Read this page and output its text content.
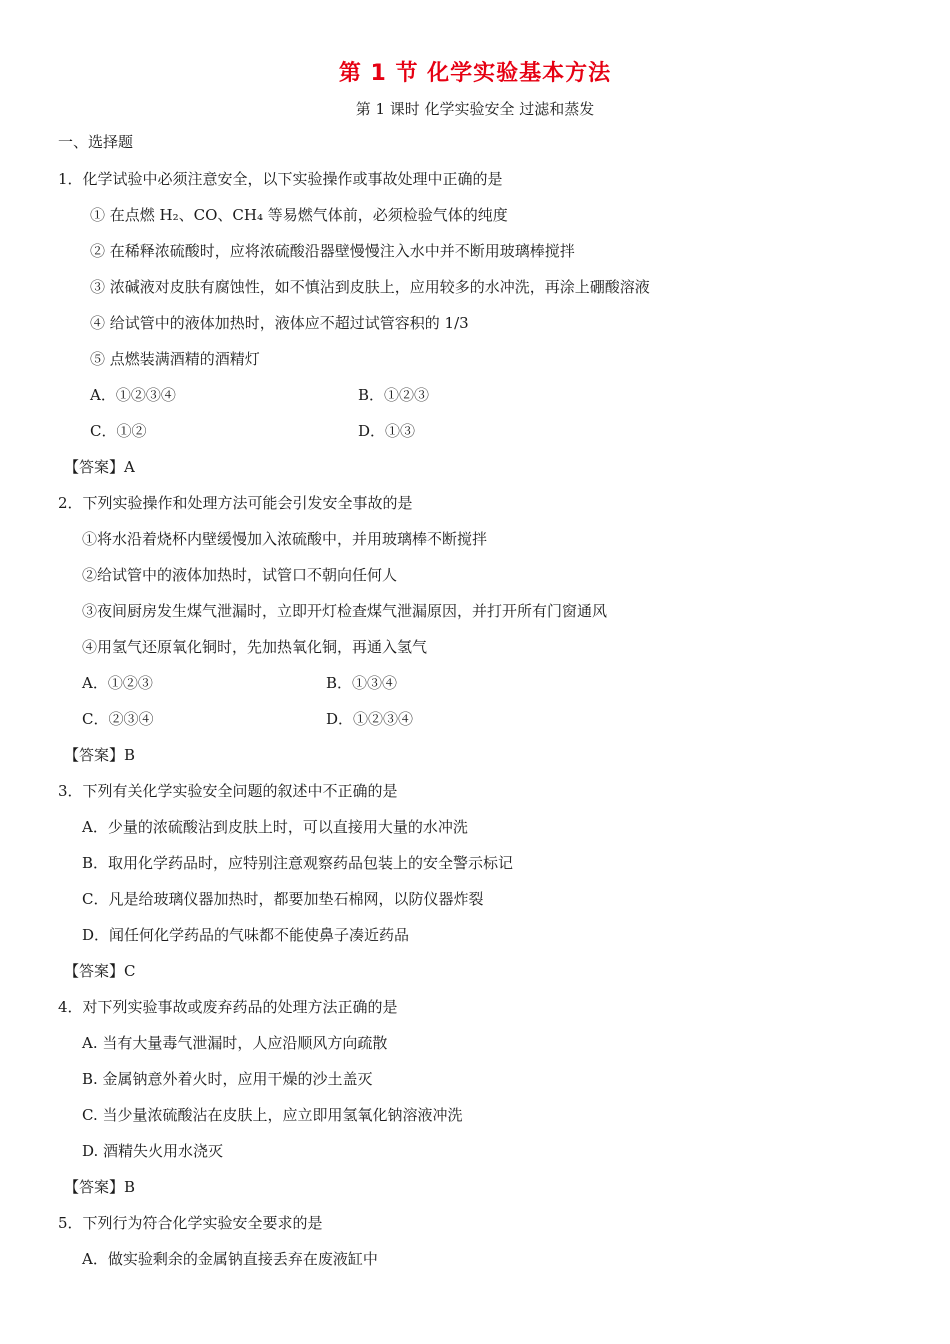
第 1 节 化学实验基本方法
第 1 课时 化学实验安全 过滤和蒸发
一、选择题
1．化学试验中必须注意安全，以下实验操作或事故处理中正确的是
① 在点燃 H₂、CO、CH₄ 等易燃气体前，必须检验气体的纯度
② 在稀释浓硫酸时，应将浓硫酸沿器壁慢慢注入水中并不断用玻璃棒搅拌
③ 浓碱液对皮肤有腐蚀性，如不慎沾到皮肤上，应用较多的水冲洗，再涂上硼酸溶液
④ 给试管中的液体加热时，液体应不超过试管容积的 1/3
⑤ 点燃装满酒精的酒精灯
A．①②③④	B．①②③
C．①②	D．①③
【答案】A
2．下列实验操作和处理方法可能会引发安全事故的是
①将水沿着烧杯内壁缓慢加入浓硫酸中，并用玻璃棒不断搅拌
②给试管中的液体加热时，试管口不朝向任何人
③夜间厨房发生煤气泄漏时，立即开灯检查煤气泄漏原因，并打开所有门窗通风
④用氢气还原氧化铜时，先加热氧化铜，再通入氢气
A．①②③	B．①③④
C．②③④	D．①②③④
【答案】B
3．下列有关化学实验安全问题的叙述中不正确的是
A．少量的浓硫酸沾到皮肤上时，可以直接用大量的水冲洗
B．取用化学药品时，应特别注意观察药品包装上的安全警示标记
C．凡是给玻璃仪器加热时，都要加垫石棉网，以防仪器炸裂
D．闻任何化学药品的气味都不能使鼻子凑近药品
【答案】C
4．对下列实验事故或废弃药品的处理方法正确的是
A. 当有大量毒气泄漏时，人应沿顺风方向疏散
B. 金属钠意外着火时，应用干燥的沙土盖灭
C. 当少量浓硫酸沾在皮肤上，应立即用氢氧化钠溶液冲洗
D. 酒精失火用水浇灭
【答案】B
5．下列行为符合化学实验安全要求的是
A．做实验剩余的金属钠直接丢弃在废液缸中
